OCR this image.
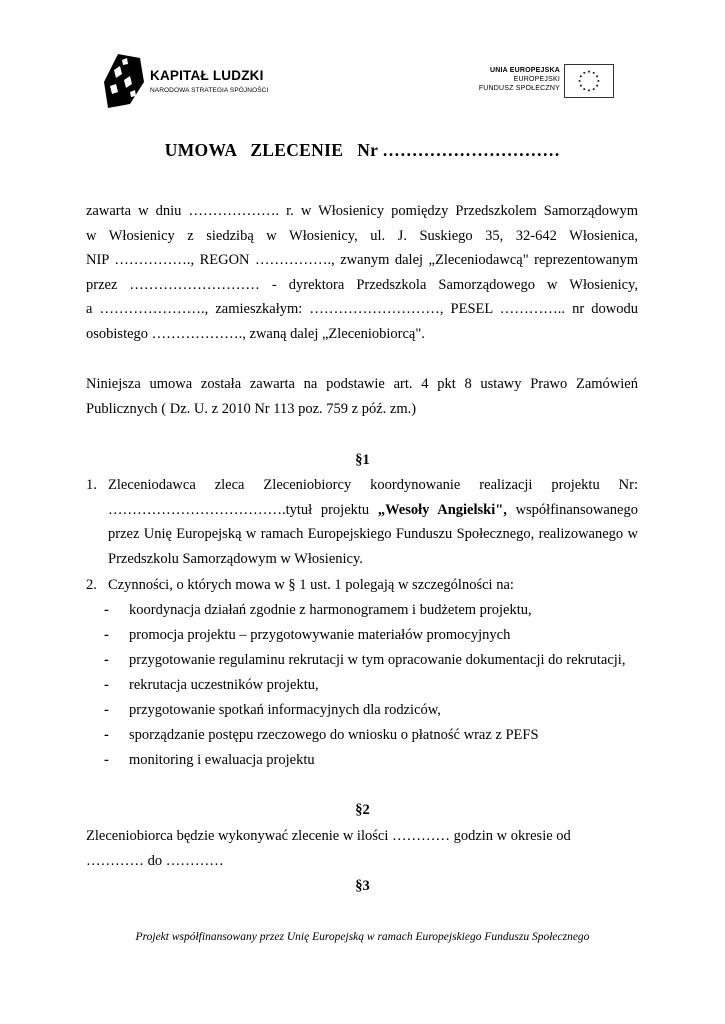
KAPITAŁ LUDZKI
NARODOWA STRATEGIA SPÓJNOŚCI
UNIA EUROPEJSKA
EUROPEJSKI
FUNDUSZ SPOŁECZNY
UMOWA   ZLECENIE   Nr …………………………
zawarta w dniu ………………. r. w Włosienicy pomiędzy Przedszkolem Samorządowym
w Włosienicy z siedzibą w Włosienicy, ul. J. Suskiego 35, 32-642 Włosienica,
NIP ……………., REGON ……………., zwanym dalej „Zleceniodawcą" reprezentowanym
przez ……………………… - dyrektora Przedszkola Samorządowego w Włosienicy,
a …………………., zamieszkałym: ………………………, PESEL ………….. nr dowodu
osobistego ………………., zwaną dalej „Zleceniobiorcą".
Niniejsza umowa została zawarta na podstawie art. 4 pkt 8 ustawy Prawo Zamówień
Publicznych ( Dz. U. z 2010 Nr 113 poz. 759 z póź. zm.)
§1
1. Zleceniodawca zleca Zleceniobiorcy koordynowanie realizacji projektu Nr:
……………………………….tytuł projektu „Wesoły Angielski", współfinansowanego
przez Unię Europejską w ramach Europejskiego Funduszu Społecznego, realizowanego w
Przedszkolu Samorządowym w Włosienicy.
2. Czynności, o których mowa w § 1 ust. 1 polegają w szczególności na:
- koordynacja działań zgodnie z harmonogramem i budżetem projektu,
- promocja projektu – przygotowywanie materiałów promocyjnych
- przygotowanie regulaminu rekrutacji w tym opracowanie dokumentacji do rekrutacji,
- rekrutacja uczestników projektu,
- przygotowanie spotkań informacyjnych dla rodziców,
- sporządzanie postępu rzeczowego do wniosku o płatność wraz z PEFS
- monitoring i ewaluacja projektu
§2
Zleceniobiorca będzie wykonywać zlecenie w ilości ………… godzin w okresie od
………… do …………
§3
Projekt współfinansowany przez Unię Europejską w ramach Europejskiego Funduszu Społecznego
